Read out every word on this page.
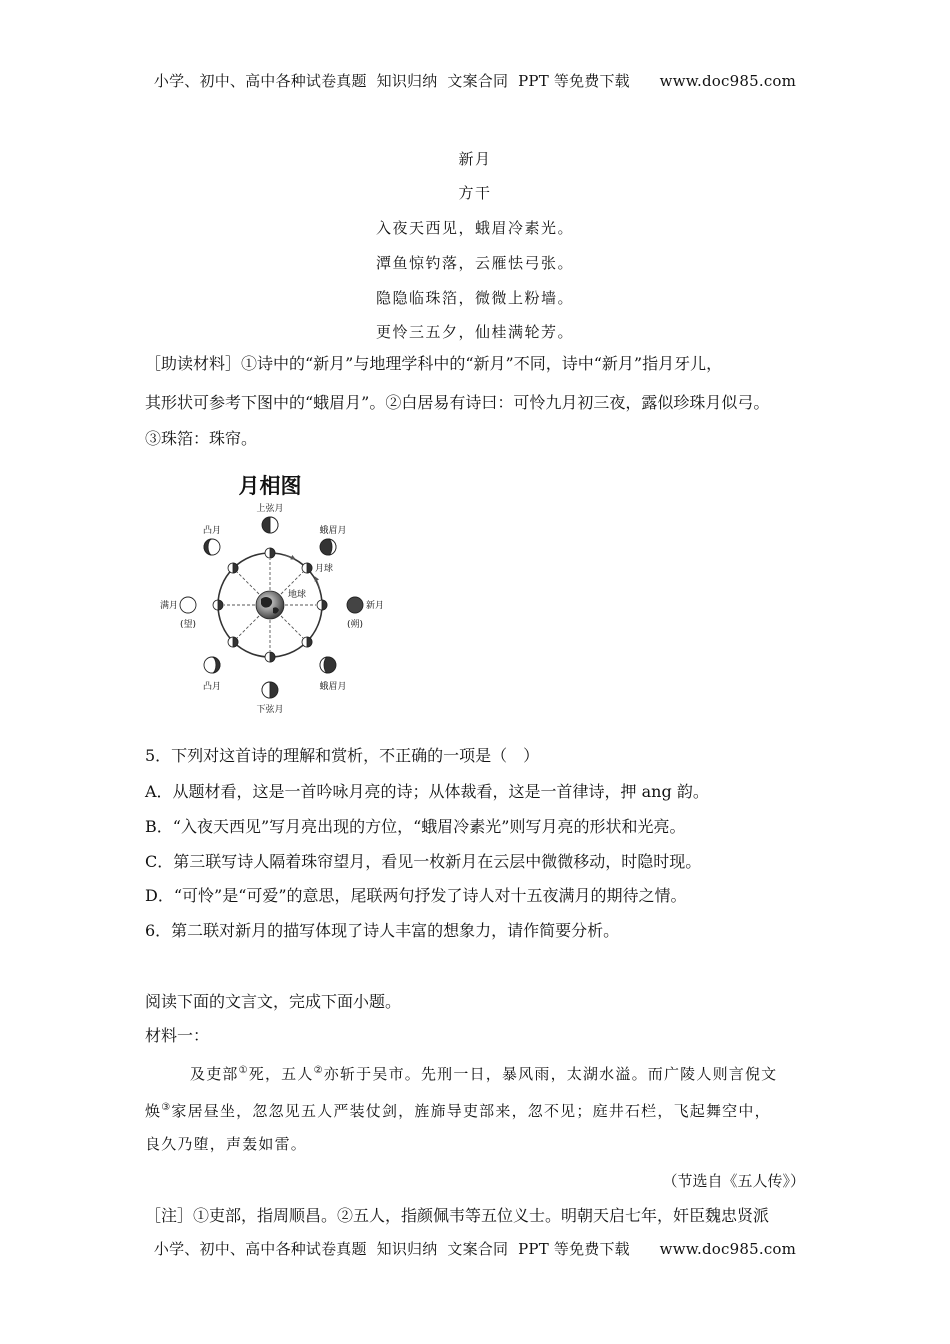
小学、初中、高中各种试卷真题  知识归纳  文案合同  PPT 等免费下载      www.doc985.com
新月
方干
入夜天西见，蛾眉冷素光。
潭鱼惊钓落，云雁怯弓张。
隐隐临珠箔，微微上粉墙。
更怜三五夕，仙桂满轮芳。
［助读材料］①诗中的“新月”与地理学科中的“新月”不同，诗中“新月”指月牙儿，
其形状可参考下图中的“蛾眉月”。②白居易有诗曰：可怜九月初三夜，露似珍珠月似弓。
③珠箔：珠帘。
月相图
地球
月球
上弦月
下弦月
凸月
凸月
蛾眉月
蛾眉月
满月
(望)
新月
(朔)
5．下列对这首诗的理解和赏析，不正确的一项是（　）
A．从题材看，这是一首吟咏月亮的诗；从体裁看，这是一首律诗，押 ang 韵。
B．“入夜天西见”写月亮出现的方位，“蛾眉冷素光”则写月亮的形状和光亮。
C．第三联写诗人隔着珠帘望月，看见一枚新月在云层中微微移动，时隐时现。
D．“可怜”是“可爱”的意思，尾联两句抒发了诗人对十五夜满月的期待之情。
6．第二联对新月的描写体现了诗人丰富的想象力，请作简要分析。
阅读下面的文言文，完成下面小题。
材料一：
及吏部①死，五人②亦斩于吴市。先刑一日，暴风雨，太湖水溢。而广陵人则言倪文
焕③家居昼坐，忽忽见五人严装仗剑，旌旆导吏部来，忽不见；庭井石栏，飞起舞空中，
良久乃堕，声轰如雷。
（节选自《五人传》）
［注］①吏部，指周顺昌。②五人，指颜佩韦等五位义士。明朝天启七年，奸臣魏忠贤派
小学、初中、高中各种试卷真题  知识归纳  文案合同  PPT 等免费下载      www.doc985.com
